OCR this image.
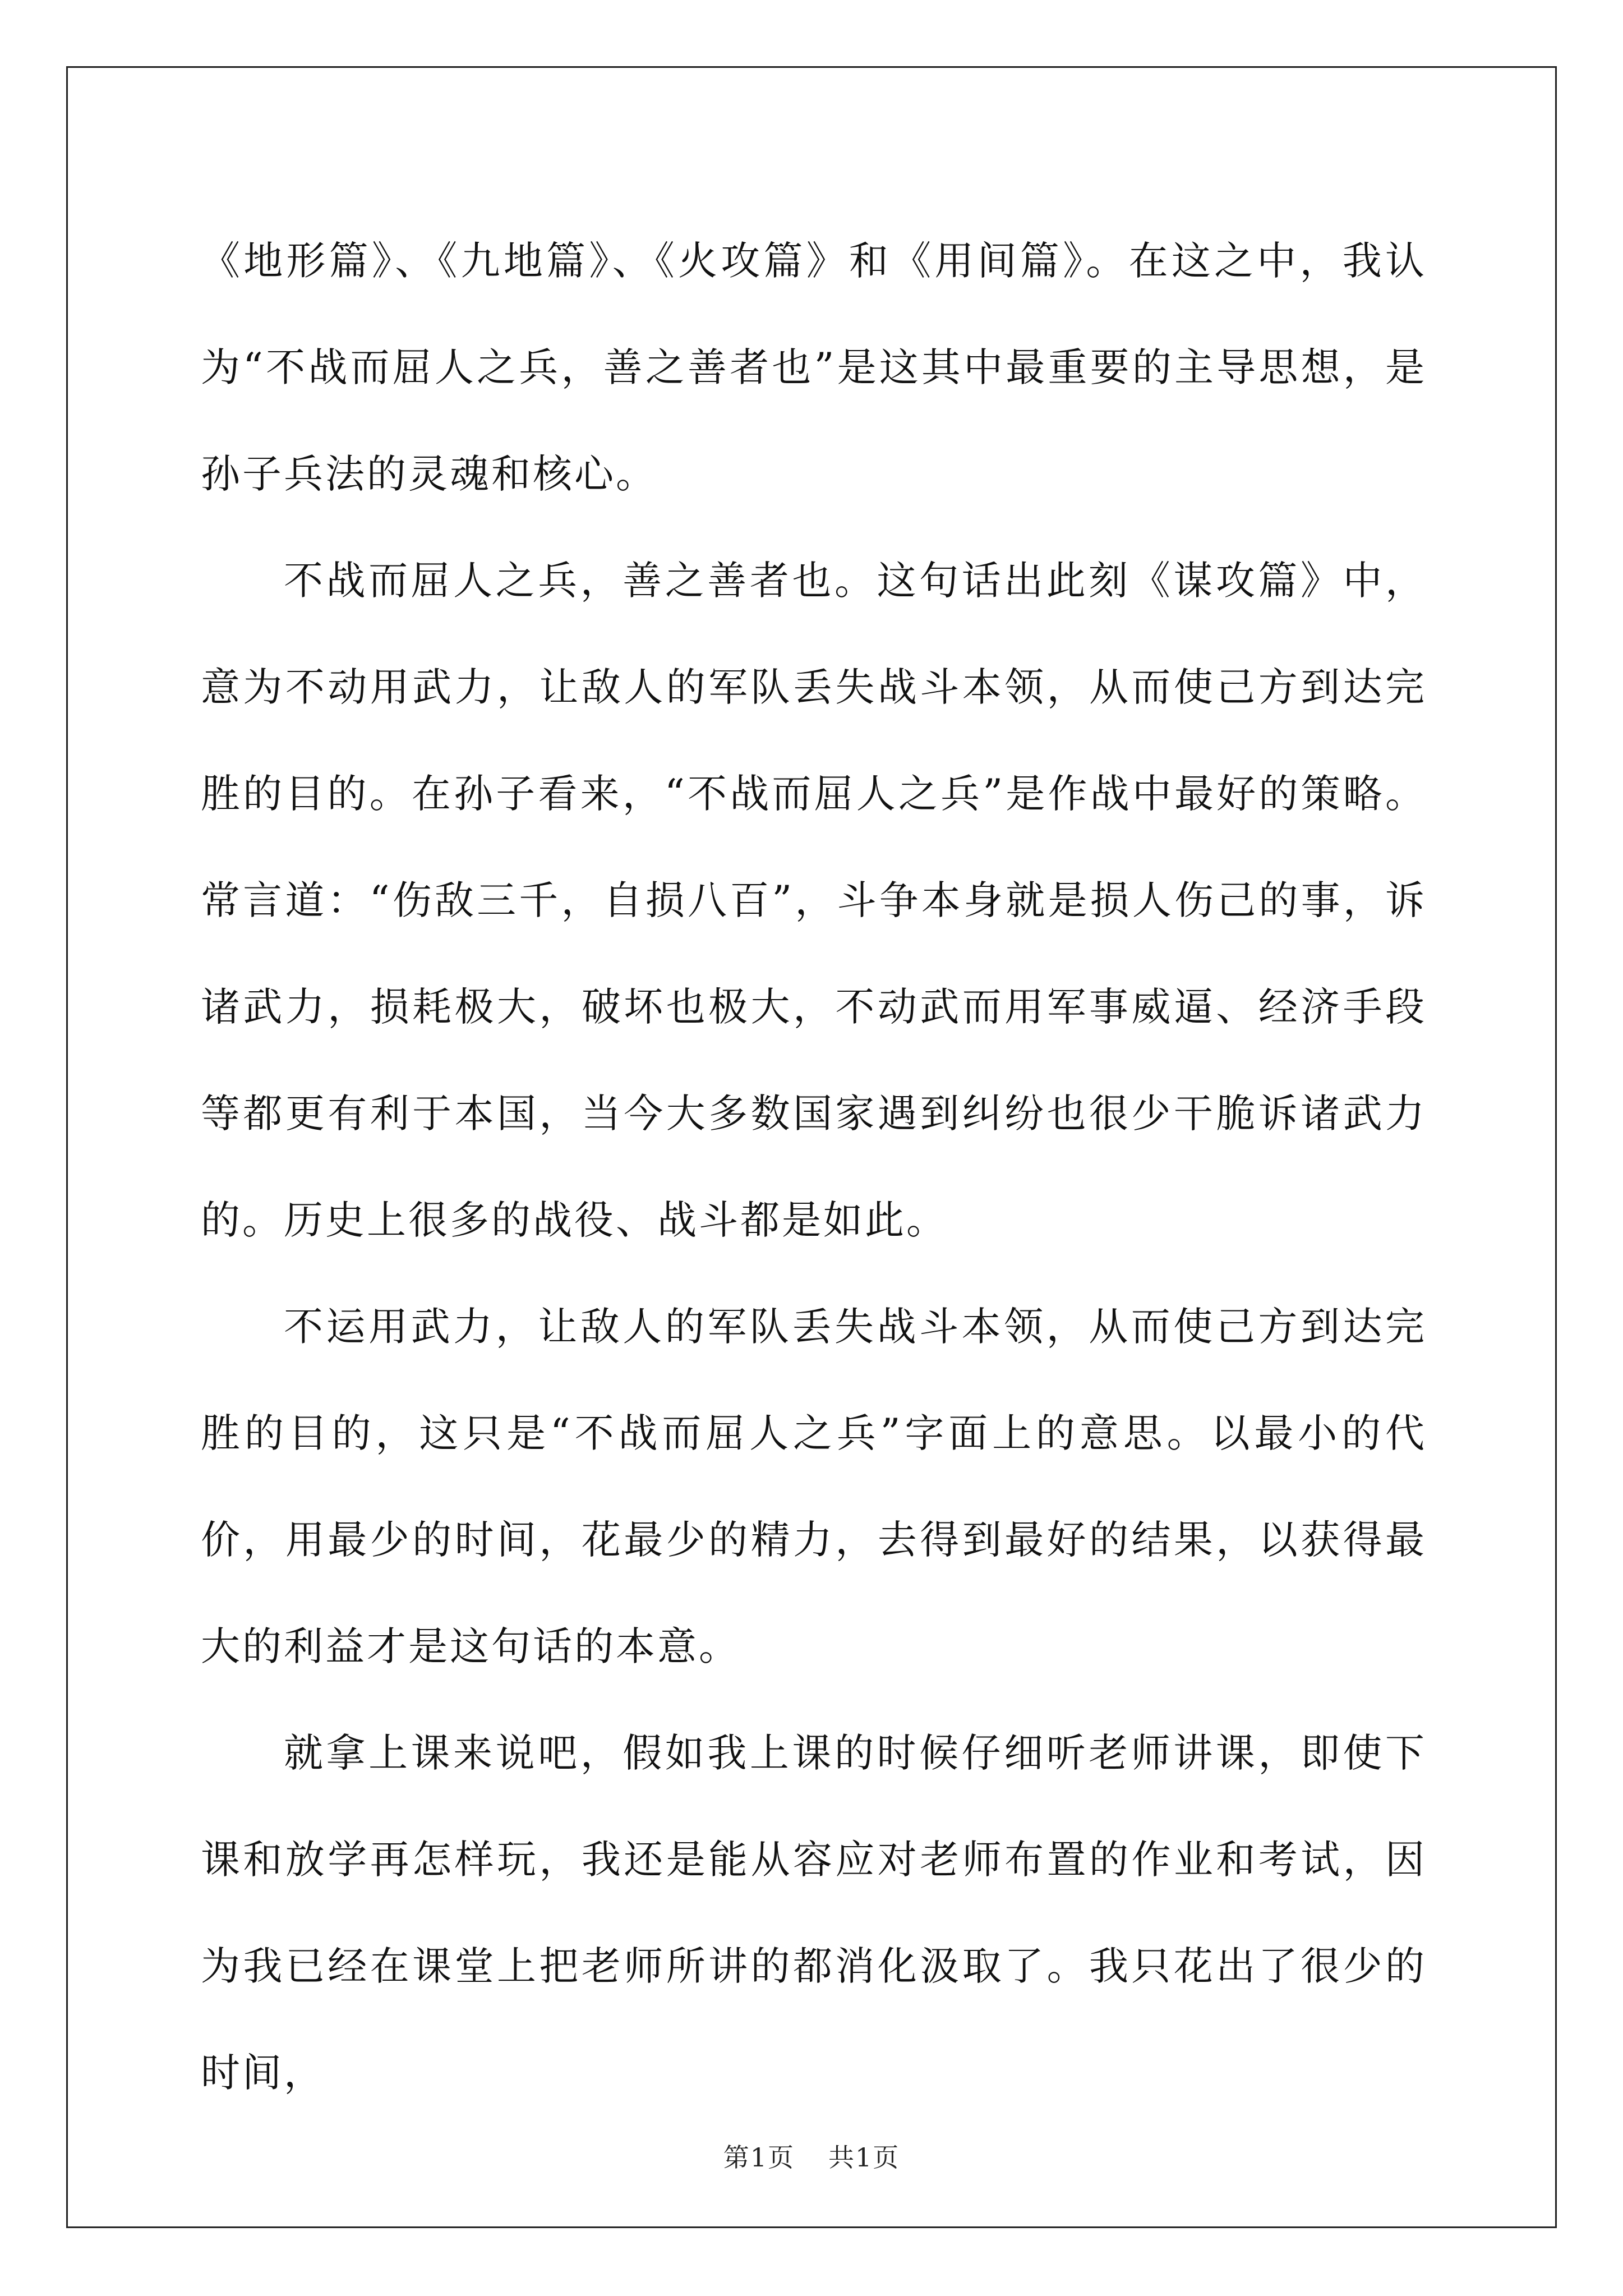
《地形篇》、《九地篇》、《火攻篇》和《用间篇》。在这之中，我认为“不战而屈人之兵，善之善者也”是这其中最重要的主导思想，是孙子兵法的灵魂和核心。

不战而屈人之兵，善之善者也。这句话出此刻《谋攻篇》中，意为不动用武力，让敌人的军队丢失战斗本领，从而使己方到达完胜的目的。在孙子看来，“不战而屈人之兵”是作战中最好的策略。常言道：“伤敌三千，自损八百”，斗争本身就是损人伤己的事，诉诸武力，损耗极大，破坏也极大，不动武而用军事威逼、经济手段等都更有利于本国，当今大多数国家遇到纠纷也很少干脆诉诸武力的。历史上很多的战役、战斗都是如此。

不运用武力，让敌人的军队丢失战斗本领，从而使己方到达完胜的目的，这只是“不战而屈人之兵”字面上的意思。以最小的代价，用最少的时间，花最少的精力，去得到最好的结果，以获得最大的利益才是这句话的本意。

就拿上课来说吧，假如我上课的时候仔细听老师讲课，即使下课和放学再怎样玩，我还是能从容应对老师布置的作业和考试，因为我已经在课堂上把老师所讲的都消化汲取了。我只花出了很少的时间，

第1页 共1页
